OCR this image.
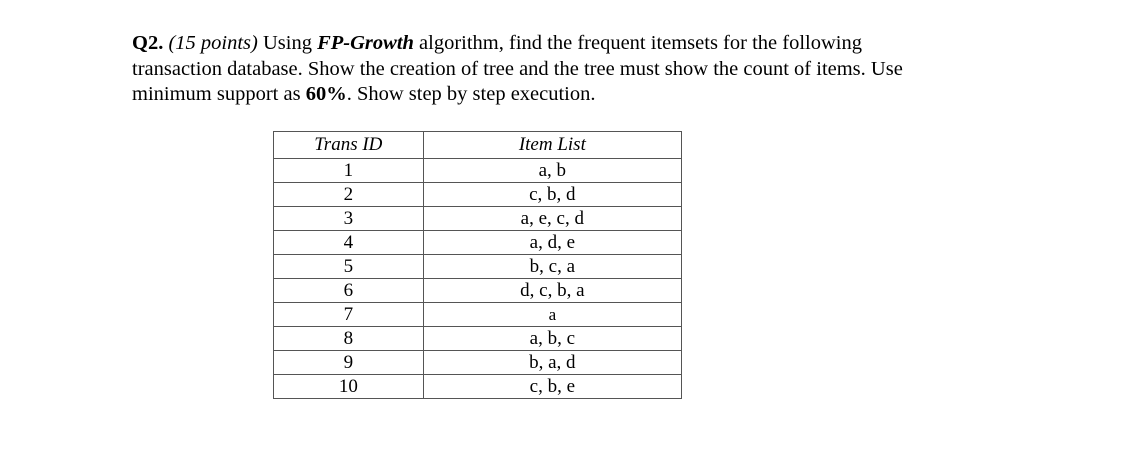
Q2. (15 points) Using FP-Growth algorithm, find the frequent itemsets for the following
transaction database. Show the creation of tree and the tree must show the count of items. Use
minimum support as 60%. Show step by step execution.
Trans ID	Item List
1	a, b
2	c, b, d
3	a, e, c, d
4	a, d, e
5	b, c, a
6	d, c, b, a
7	a
8	a, b, c
9	b, a, d
10	c, b, e
